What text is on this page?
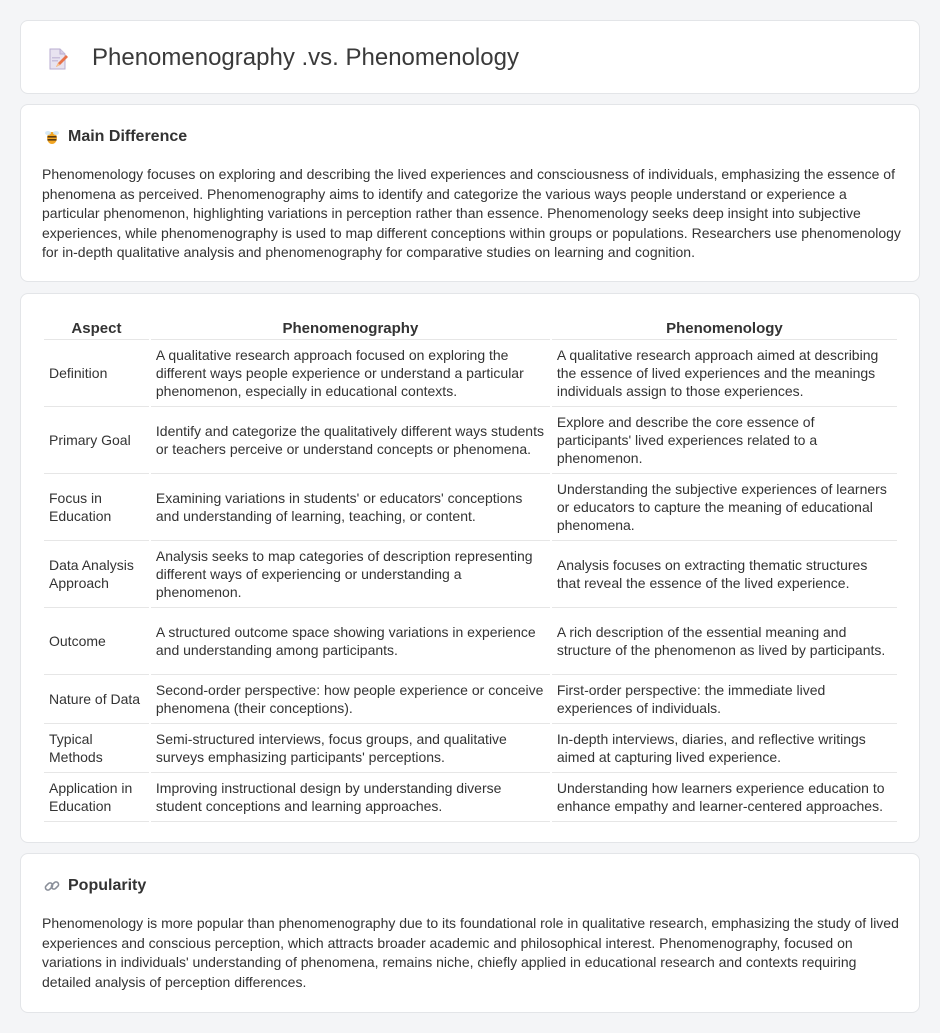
Phenomenography .vs. Phenomenology
Main Difference

Phenomenology focuses on exploring and describing the lived experiences and consciousness of individuals, emphasizing the essence of phenomena as perceived. Phenomenography aims to identify and categorize the various ways people understand or experience a particular phenomenon, highlighting variations in perception rather than essence. Phenomenology seeks deep insight into subjective experiences, while phenomenography is used to map different conceptions within groups or populations. Researchers use phenomenology for in-depth qualitative analysis and phenomenography for comparative studies on learning and cognition.

Aspect	Phenomenography	Phenomenology
Definition	A qualitative research approach focused on exploring the different ways people experience or understand a particular phenomenon, especially in educational contexts.	A qualitative research approach aimed at describing the essence of lived experiences and the meanings individuals assign to those experiences.
Primary Goal	Identify and categorize the qualitatively different ways students or teachers perceive or understand concepts or phenomena.	Explore and describe the core essence of participants' lived experiences related to a phenomenon.
Focus in Education	Examining variations in students' or educators' conceptions and understanding of learning, teaching, or content.	Understanding the subjective experiences of learners or educators to capture the meaning of educational phenomena.
Data Analysis Approach	Analysis seeks to map categories of description representing different ways of experiencing or understanding a phenomenon.	Analysis focuses on extracting thematic structures that reveal the essence of the lived experience.
Outcome	A structured outcome space showing variations in experience and understanding among participants.	A rich description of the essential meaning and structure of the phenomenon as lived by participants.
Nature of Data	Second-order perspective: how people experience or conceive phenomena (their conceptions).	First-order perspective: the immediate lived experiences of individuals.
Typical Methods	Semi-structured interviews, focus groups, and qualitative surveys emphasizing participants' perceptions.	In-depth interviews, diaries, and reflective writings aimed at capturing lived experience.
Application in Education	Improving instructional design by understanding diverse student conceptions and learning approaches.	Understanding how learners experience education to enhance empathy and learner-centered approaches.
Popularity

Phenomenology is more popular than phenomenography due to its foundational role in qualitative research, emphasizing the study of lived experiences and conscious perception, which attracts broader academic and philosophical interest. Phenomenography, focused on variations in individuals' understanding of phenomena, remains niche, chiefly applied in educational research and contexts requiring detailed analysis of perception differences.
